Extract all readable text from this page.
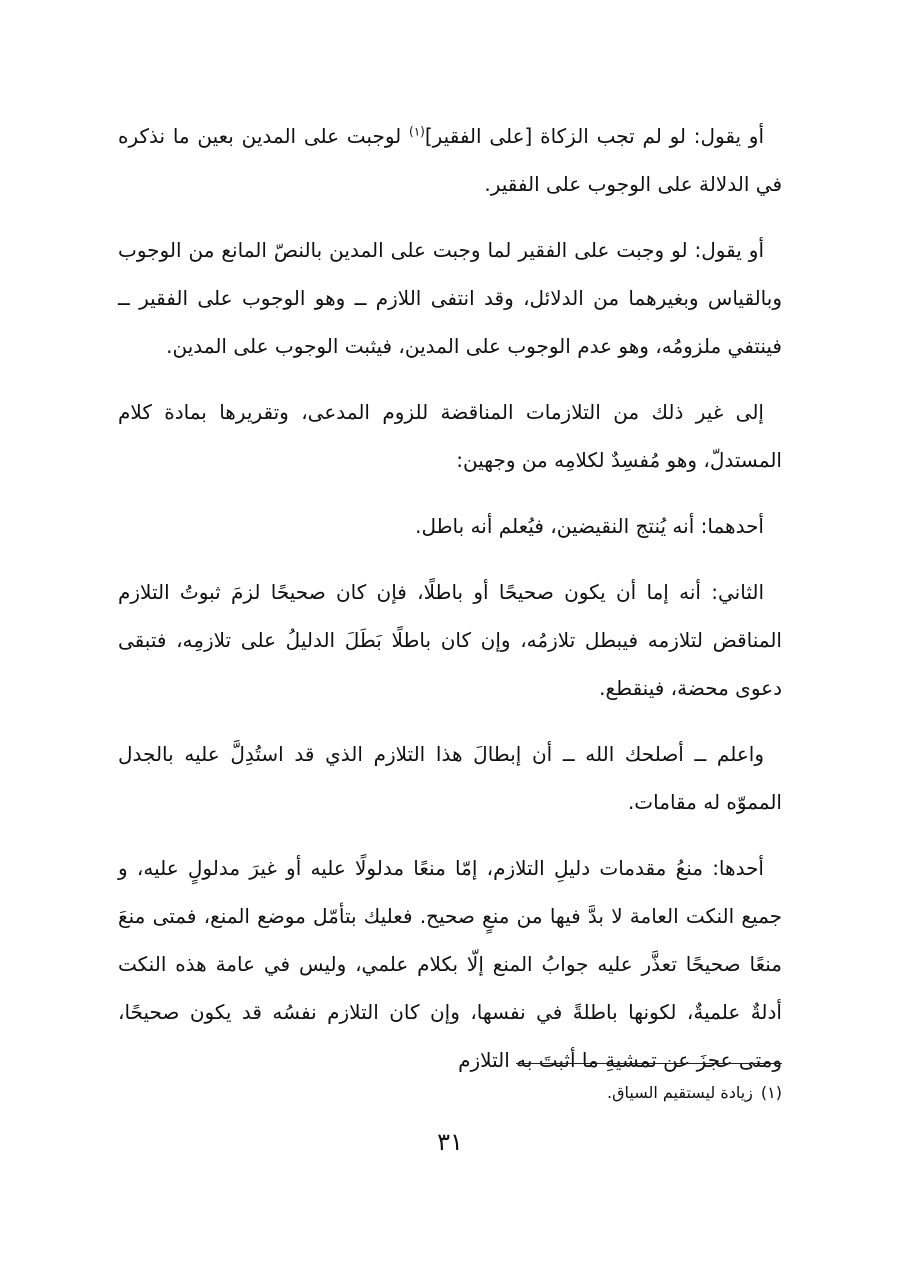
أو يقول: لو لم تجب الزكاة [على الفقير]$^{(١)}$ لوجبت على المدين بعين ما نذكره في الدلالة على الوجوب على الفقير.

أو يقول: لو وجبت على الفقير لما وجبت على المدين بالنصّ المانع من الوجوب وبالقياس وبغيرهما من الدلائل، وقد انتفى اللازم ــ وهو الوجوب على الفقير ــ فينتفي ملزومُه، وهو عدم الوجوب على المدين، فيثبت الوجوب على المدين.

إلى غير ذلك من التلازمات المناقضة للزوم المدعى، وتقريرها بمادة كلام المستدلّ، وهو مُفسِدٌ لكلامِه من وجهين:

أحدهما: أنه يُنتج النقيضين، فيُعلم أنه باطل.

الثاني: أنه إما أن يكون صحيحًا أو باطلًا، فإن كان صحيحًا لزمَ ثبوتُ التلازم المناقض لتلازمه فيبطل تلازمُه، وإن كان باطلًا بَطَلَ الدليلُ على تلازمِه، فتبقى دعوى محضة، فينقطع.

واعلم ــ أصلحك الله ــ أن إبطالَ هذا التلازم الذي قد استُدِلَّ عليه بالجدل المموّه له مقامات.

أحدها: منعُ مقدمات دليلِ التلازم، إمّا منعًا مدلولًا عليه أو غيرَ مدلولٍ عليه، و جميع النكت العامة لا بدَّ فيها من منعٍ صحيح. فعليك بتأمّل موضع المنع، فمتى منعَ منعًا صحيحًا تعذَّر عليه جوابُ المنع إلّا بكلام علمي، وليس في عامة هذه النكت أدلةٌ علميةٌ، لكونها باطلةً في نفسها، وإن كان التلازم نفسُه قد يكون صحيحًا، ومتى عجزَ عن تمشيةِ ما أثبتَ به التلازم

(١)زيادة ليستقيم السياق.
٣١
